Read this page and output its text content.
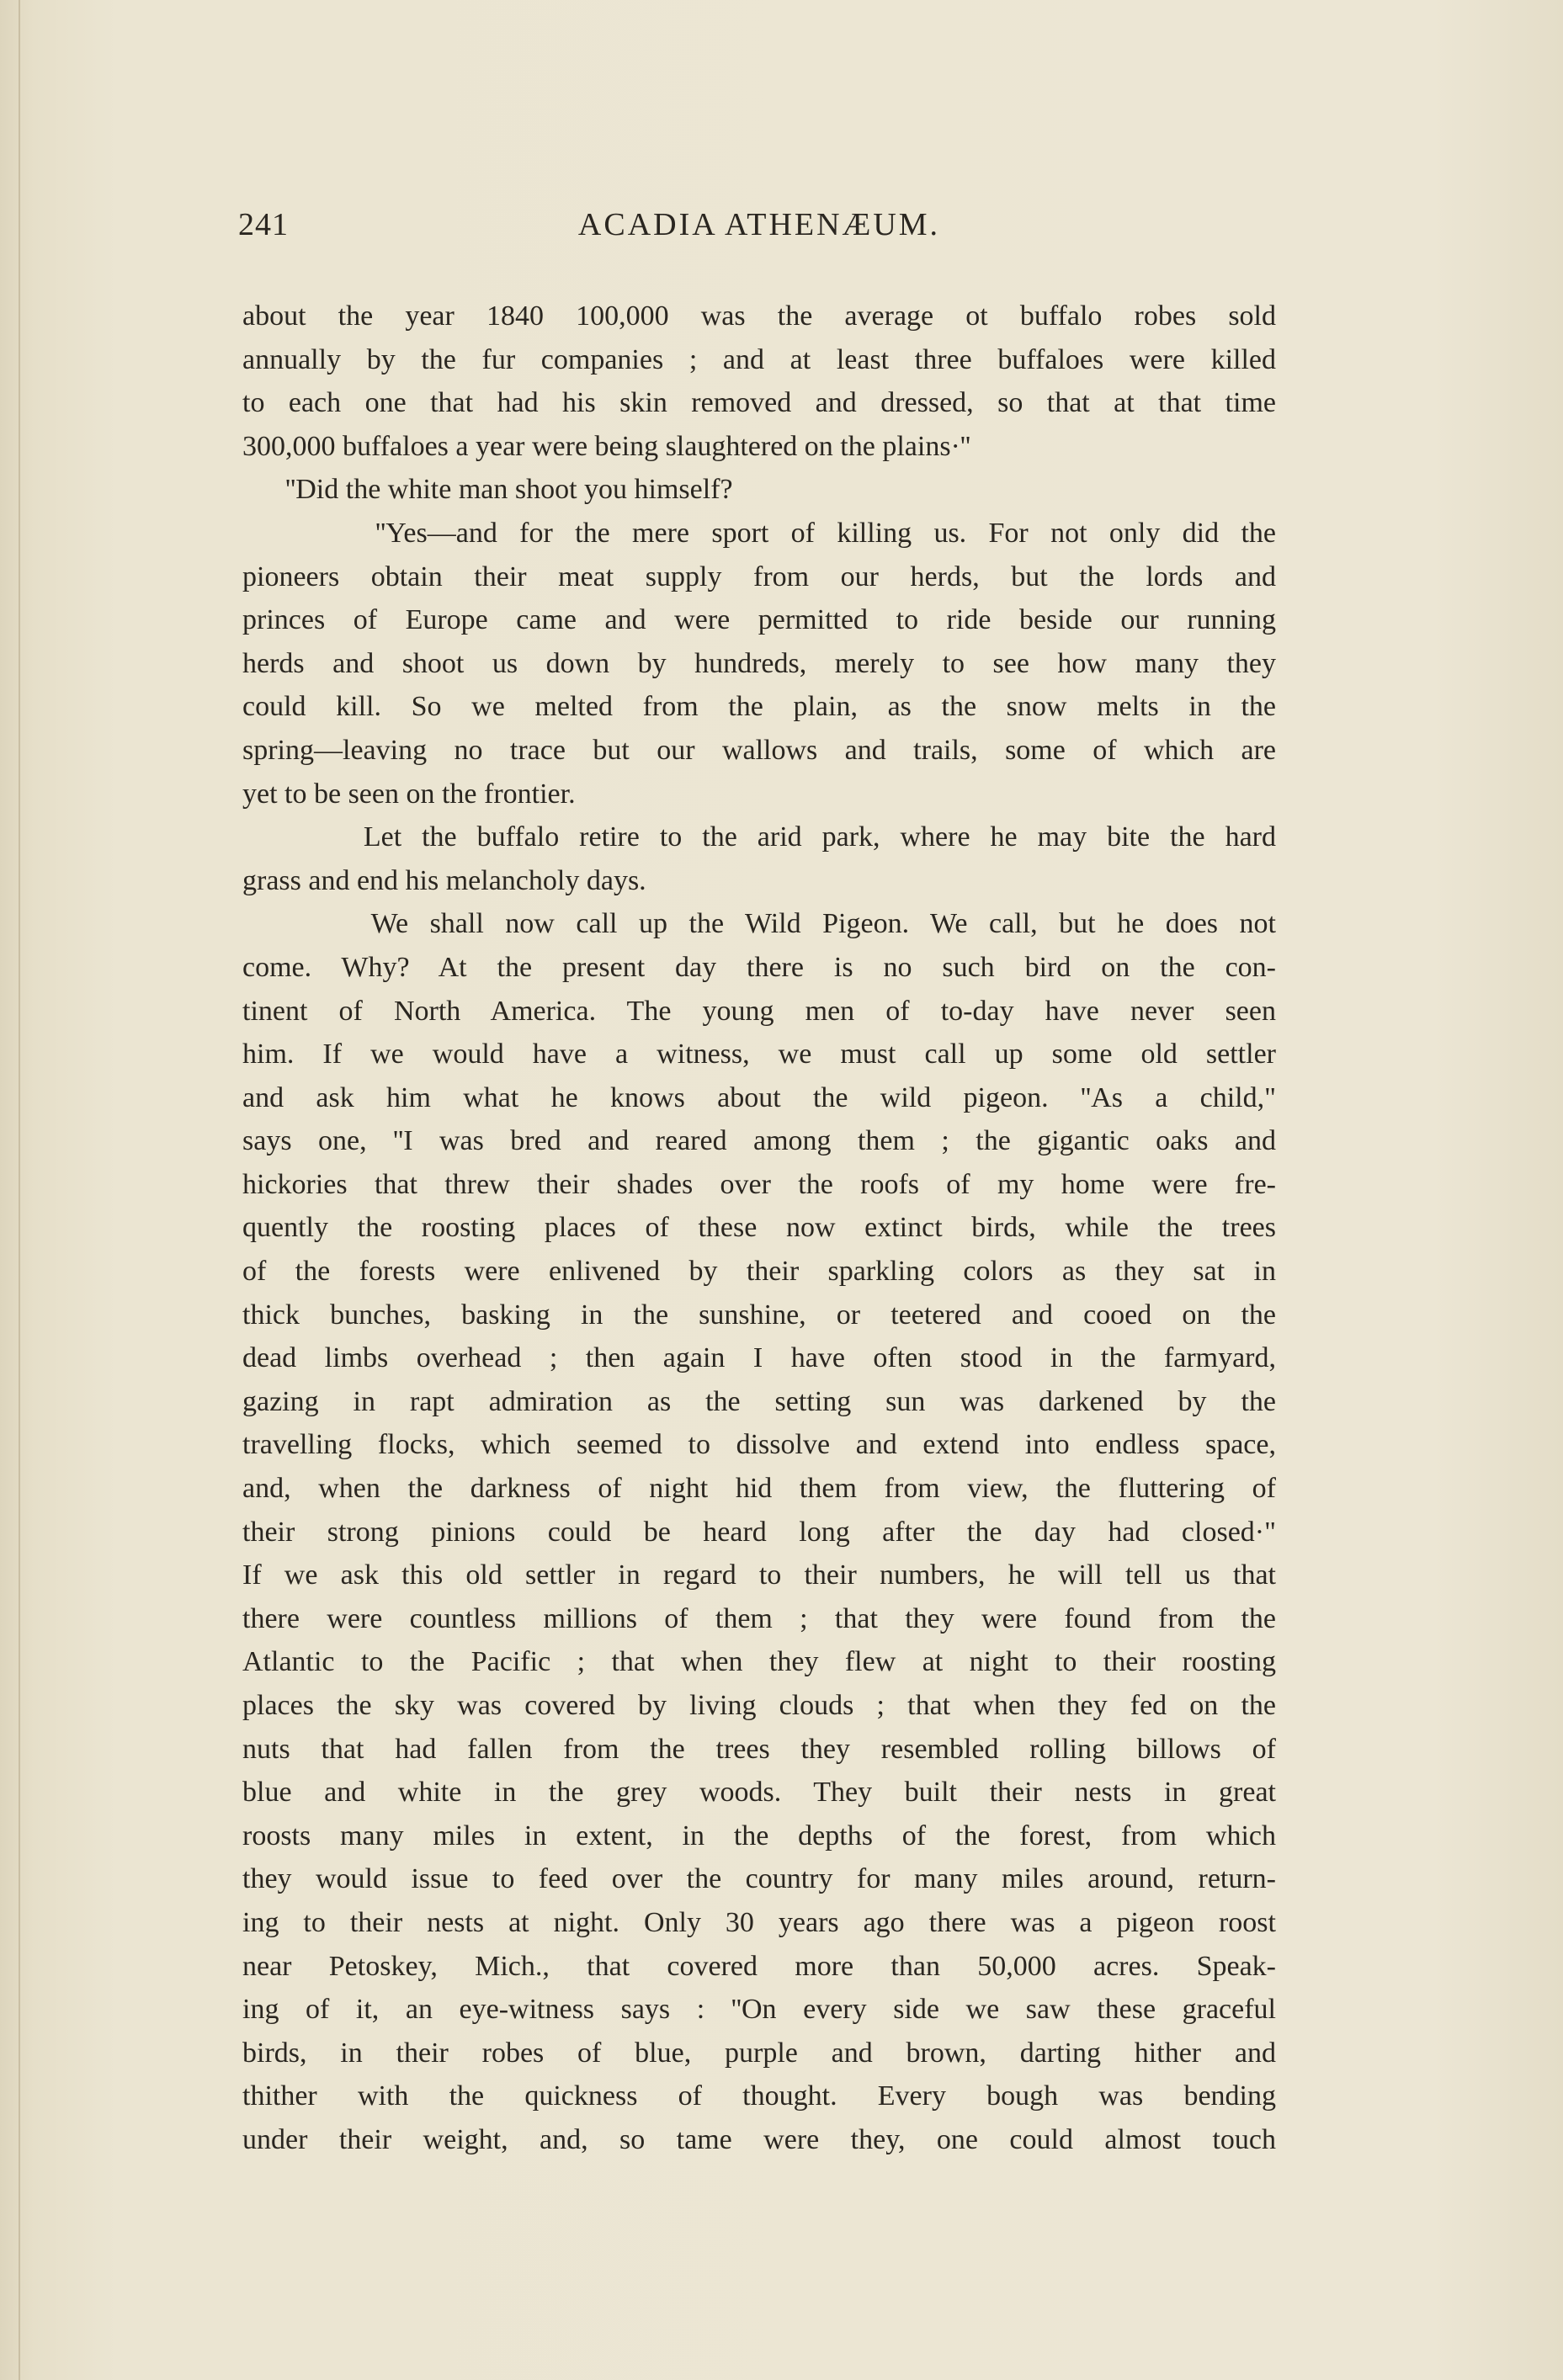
241	ACADIA ATHENÆUM.
about the year 1840 100,000 was the average ot buffalo robes sold
annually by the fur companies ; and at least three buffaloes were killed
to each one that had his skin removed and dressed, so that at that time
300,000 buffaloes a year were being slaughtered on the plains·''
''Did the white man shoot you himself?
''Yes—and for the mere sport of killing us. For not only did the
pioneers obtain their meat supply from our herds, but the lords and
princes of Europe came and were permitted to ride beside our running
herds and shoot us down by hundreds, merely to see how many they
could kill. So we melted from the plain, as the snow melts in the
spring—leaving no trace but our wallows and trails, some of which are
yet to be seen on the frontier.
Let the buffalo retire to the arid park, where he may bite the hard
grass and end his melancholy days.
We shall now call up the Wild Pigeon. We call, but he does not
come. Why? At the present day there is no such bird on the con-
tinent of North America. The young men of to-day have never seen
him. If we would have a witness, we must call up some old settler
and ask him what he knows about the wild pigeon. ''As a child,"
says one, ''I was bred and reared among them ; the gigantic oaks and
hickories that threw their shades over the roofs of my home were fre-
quently the roosting places of these now extinct birds, while the trees
of the forests were enlivened by their sparkling colors as they sat in
thick bunches, basking in the sunshine, or teetered and cooed on the
dead limbs overhead ; then again I have often stood in the farmyard,
gazing in rapt admiration as the setting sun was darkened by the
travelling flocks, which seemed to dissolve and extend into endless space,
and, when the darkness of night hid them from view, the fluttering of
their strong pinions could be heard long after the day had closed·"
If we ask this old settler in regard to their numbers, he will tell us that
there were countless millions of them ; that they were found from the
Atlantic to the Pacific ; that when they flew at night to their roosting
places the sky was covered by living clouds ; that when they fed on the
nuts that had fallen from the trees they resembled rolling billows of
blue and white in the grey woods. They built their nests in great
roosts many miles in extent, in the depths of the forest, from which
they would issue to feed over the country for many miles around, return-
ing to their nests at night. Only 30 years ago there was a pigeon roost
near Petoskey, Mich., that covered more than 50,000 acres. Speak-
ing of it, an eye-witness says : ''On every side we saw these graceful
birds, in their robes of blue, purple and brown, darting hither and
thither with the quickness of thought. Every bough was bending
under their weight, and, so tame were they, one could almost touch
